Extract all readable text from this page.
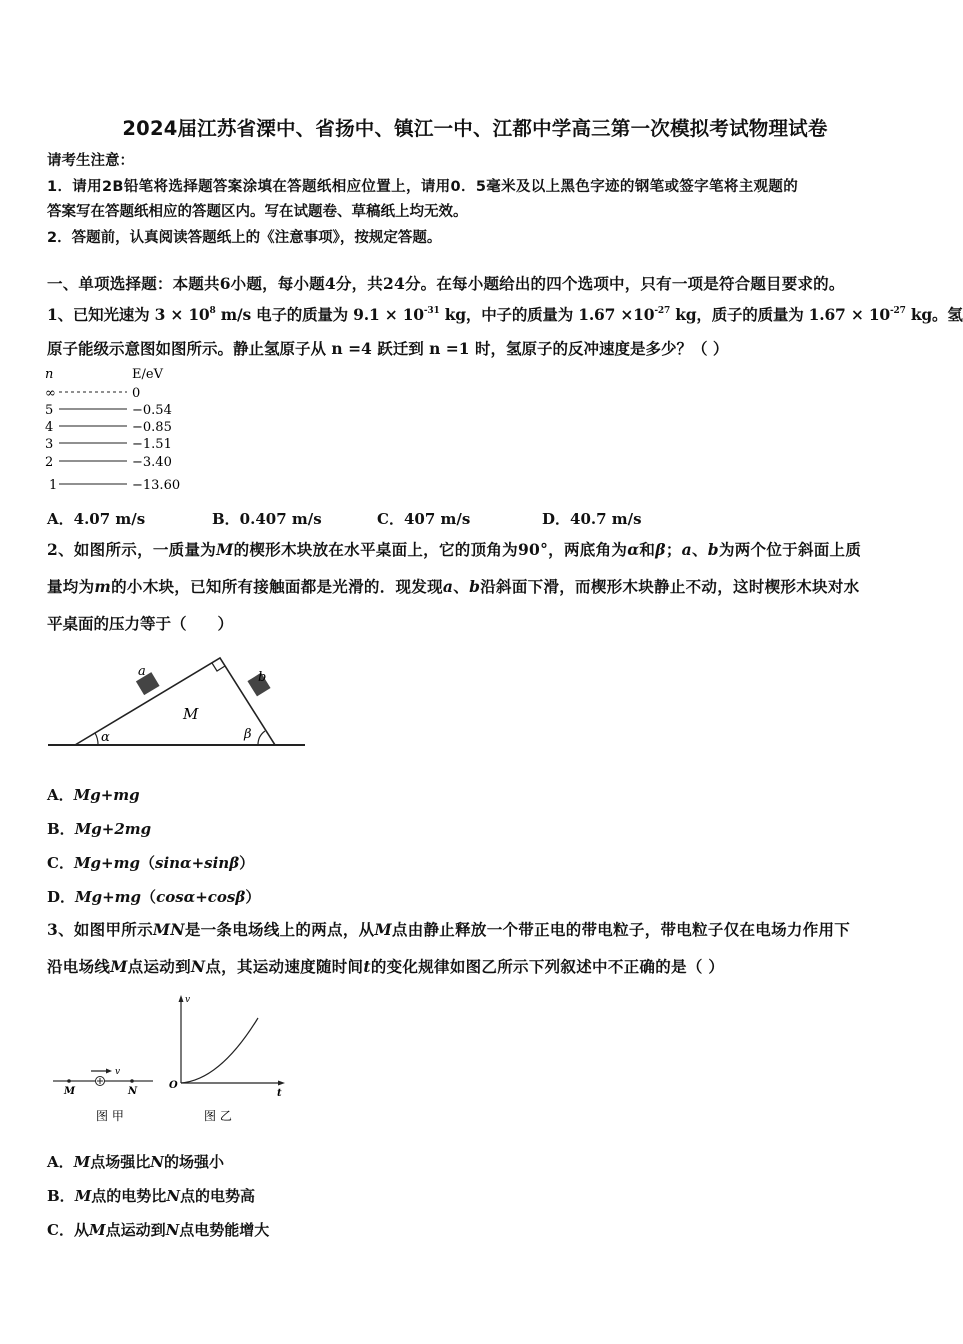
2024届江苏省溧中、省扬中、镇江一中、江都中学高三第一次模拟考试物理试卷
请考生注意：
1．请用2B铅笔将选择题答案涂填在答题纸相应位置上，请用0．5毫米及以上黑色字迹的钢笔或签字笔将主观题的
答案写在答题纸相应的答题区内。写在试题卷、草稿纸上均无效。
2．答题前，认真阅读答题纸上的《注意事项》，按规定答题。
一、单项选择题：本题共6小题，每小题4分，共24分。在每小题给出的四个选项中，只有一项是符合题目要求的。
1、已知光速为 $3 \times 10^8$ m/s 电子的质量为 $9.1 \times 10^{-31}$ kg，中子的质量为 $1.67 \times 10^{-27}$ kg，质子的质量为 $1.67 \times 10^{-27}$ kg。氢
原子能级示意图如图所示。静止氢原子从 n =4 跃迁到 n =1 时，氢原子的反冲速度是多少？（ ）
n	E/eV
∞	0
5	−0.54
4	−0.85
3	−1.51
2	−3.40
1	−13.60
A．4.07 m/s	B．0.407 m/s	C．407 m/s	D．40.7 m/s
2、如图所示，一质量为M的楔形木块放在水平桌面上，它的顶角为90°，两底角为α和β；a、b为两个位于斜面上质
量均为m的小木块，已知所有接触面都是光滑的．现发现a、b沿斜面下滑，而楔形木块静止不动，这时楔形木块对水
平桌面的压力等于（　　）
a	b
M
α	β
A．Mg+mg
B．Mg+2mg
C．Mg+mg（sinα+sinβ）
D．Mg+mg（cosα+cosβ）
3、如图甲所示MN是一条电场线上的两点，从M点由静止释放一个带正电的带电粒子，带电粒子仅在电场力作用下
沿电场线M点运动到N点，其运动速度随时间t的变化规律如图乙所示下列叙述中不正确的是（ ）
v
M	N
图 甲
v
t
O
图 乙
A．M点场强比N的场强小
B．M点的电势比N点的电势高
C．从M点运动到N点电势能增大
